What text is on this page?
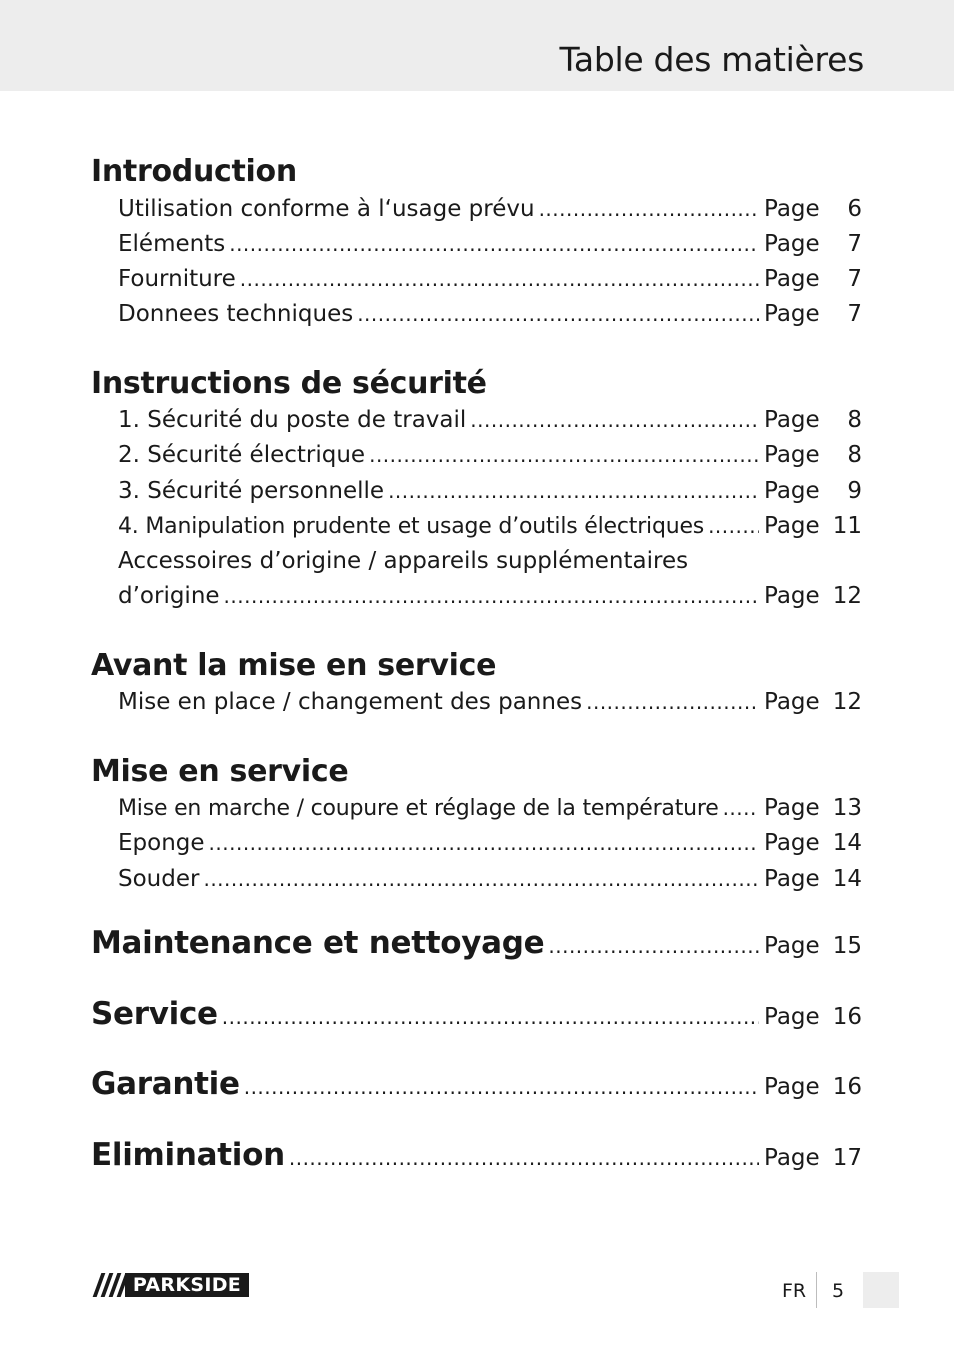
Table des matières
Introduction
Utilisation conforme à l‘usage prévu .....	Page	6
Eléments .....	Page	7
Fourniture .....	Page	7
Donnees techniques .....	Page	7
Instructions de sécurité
1. Sécurité du poste de travail .....	Page	8
2. Sécurité électrique .....	Page	8
3. Sécurité personnelle .....	Page	9
4. Manipulation prudente et usage d’outils électriques .....	Page 11
Accessoires d’origine / appareils supplémentaires
d’origine .....	Page 12
Avant la mise en service
Mise en place / changement des pannes .....	Page 12
Mise en service
Mise en marche / coupure et réglage de la température ..... Page 13
Eponge .....	Page 14
Souder .....	Page 14
Maintenance et nettoyage .....	Page 15
Service .....	Page 16
Garantie .....	Page 16
Elimination .....	Page 17
PARKSIDE	FR 5
